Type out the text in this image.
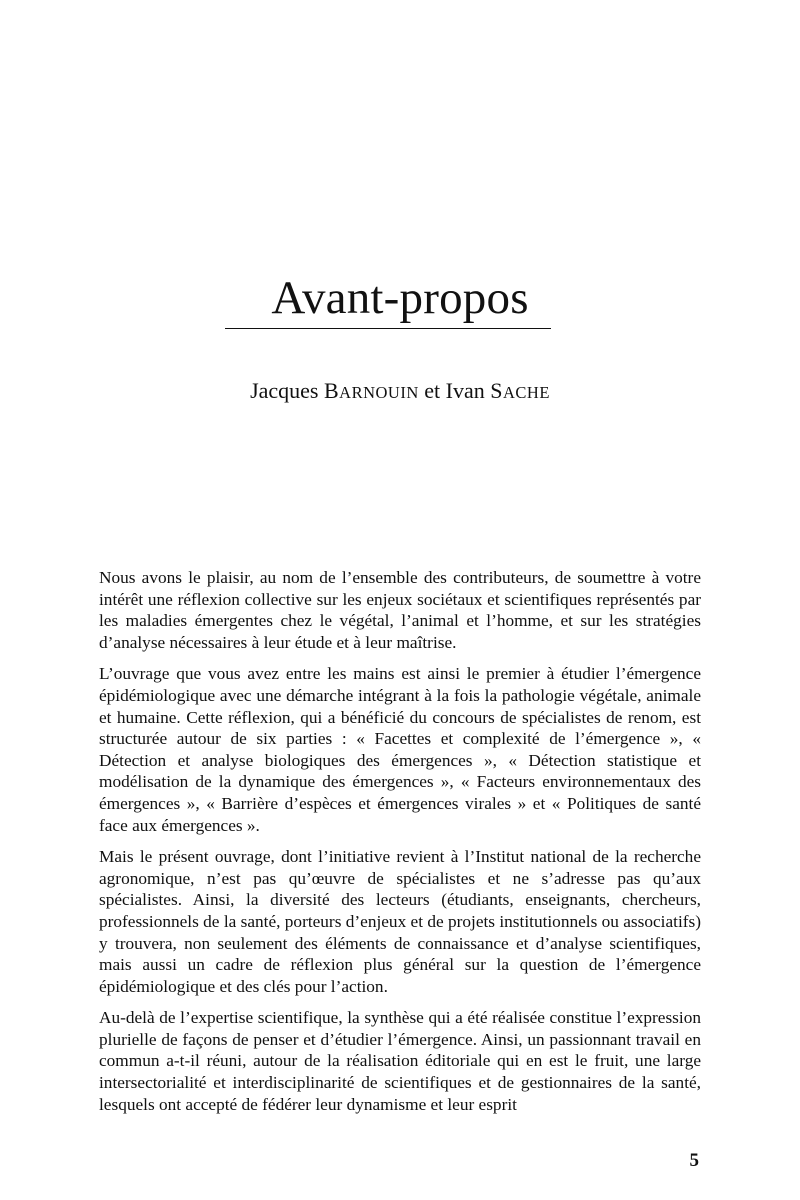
Avant-propos
Jacques BARNOUIN et Ivan SACHE

Nous avons le plaisir, au nom de l’ensemble des contributeurs, de soumettre à votre intérêt une réflexion collective sur les enjeux sociétaux et scientifiques représentés par les maladies émergentes chez le végétal, l’animal et l’homme, et sur les stratégies d’analyse nécessaires à leur étude et à leur maîtrise.

L’ouvrage que vous avez entre les mains est ainsi le premier à étudier l’émergence épidémiologique avec une démarche intégrant à la fois la pathologie végétale, animale et humaine. Cette réflexion, qui a bénéficié du concours de spécialistes de renom, est structurée autour de six parties : « Facettes et complexité de l’émergence », « Détection et analyse biologiques des émergences », « Détection statistique et modélisation de la dynamique des émergences », « Facteurs environnementaux des émergences », « Barrière d’espèces et émergences virales » et « Politiques de santé face aux émergences ».

Mais le présent ouvrage, dont l’initiative revient à l’Institut national de la recherche agronomique, n’est pas qu’œuvre de spécialistes et ne s’adresse pas qu’aux spécialistes. Ainsi, la diversité des lecteurs (étudiants, enseignants, chercheurs, professionnels de la santé, porteurs d’enjeux et de projets institutionnels ou associatifs) y trouvera, non seulement des éléments de connaissance et d’analyse scientifiques, mais aussi un cadre de réflexion plus général sur la question de l’émergence épidémiologique et des clés pour l’action.

Au-delà de l’expertise scientifique, la synthèse qui a été réalisée constitue l’expression plurielle de façons de penser et d’étudier l’émergence. Ainsi, un passionnant travail en commun a-t-il réuni, autour de la réalisation éditoriale qui en est le fruit, une large intersectorialité et interdisciplinarité de scientifiques et de gestionnaires de la santé, lesquels ont accepté de fédérer leur dynamisme et leur esprit

5
